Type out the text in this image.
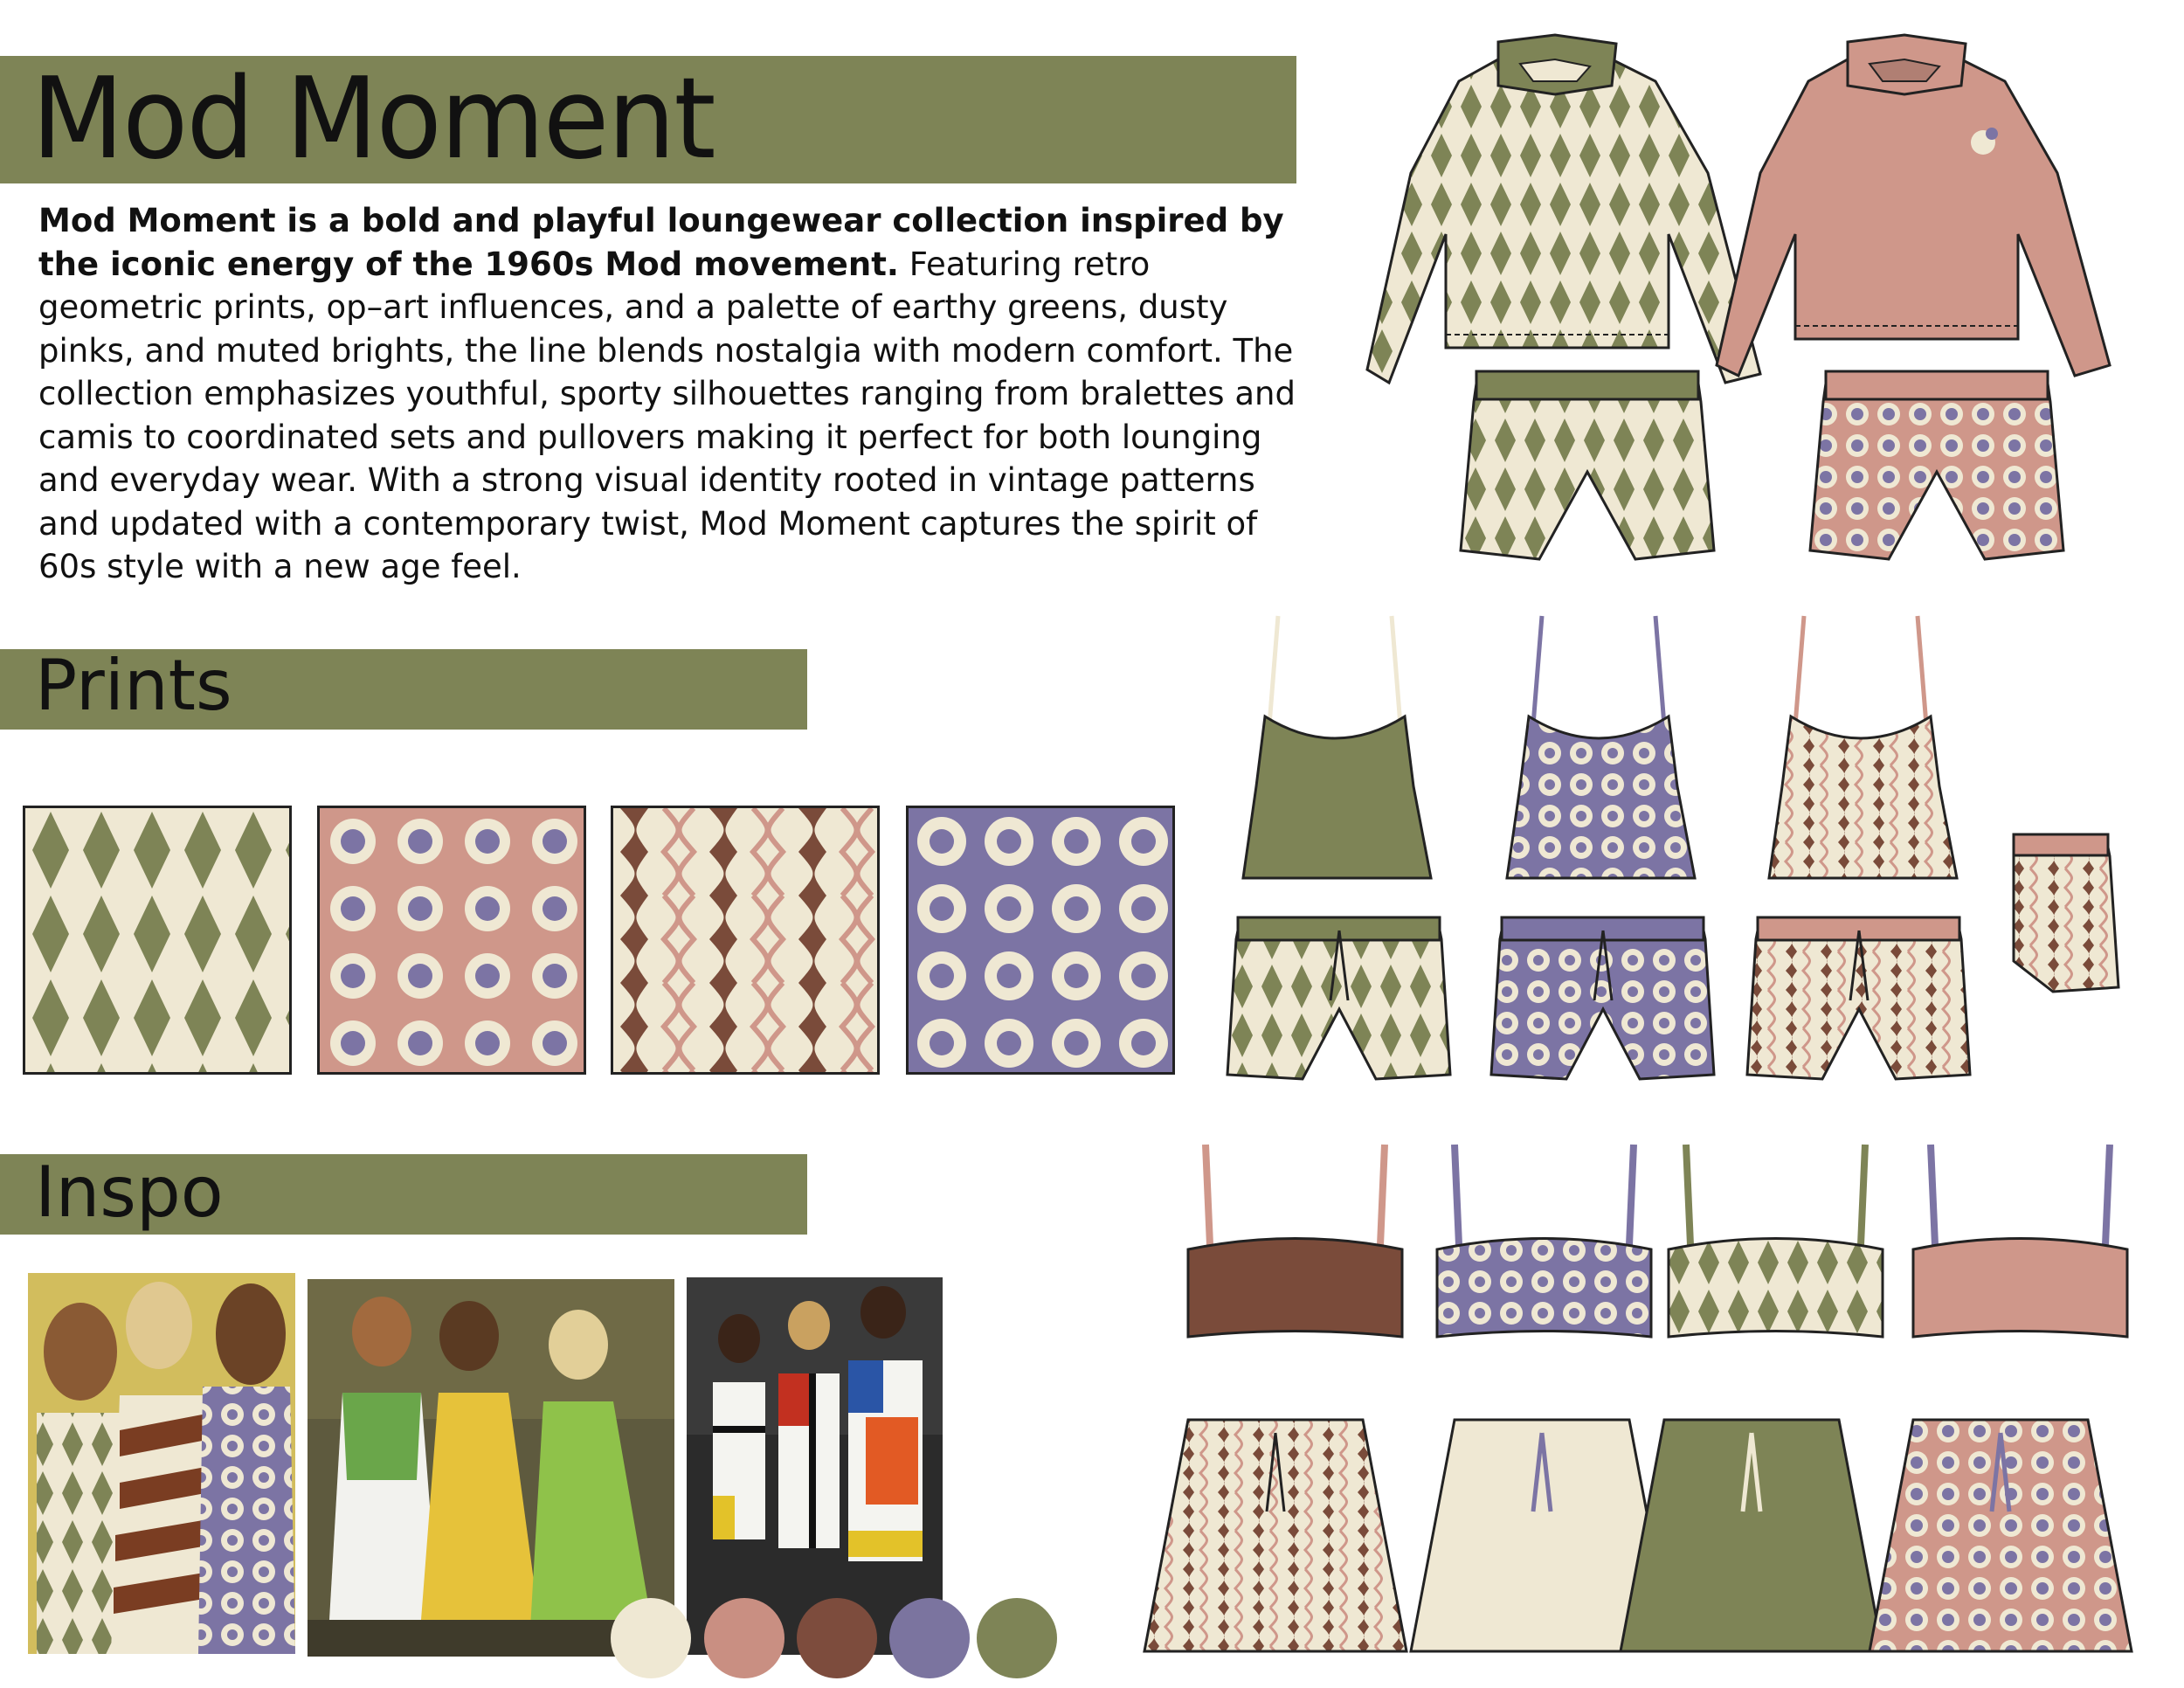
Mod Moment
Mod Moment is a bold and playful loungewear collection inspired by the iconic energy of the 1960s Mod movement. Featuring retro geometric prints, op–art influences, and a palette of earthy greens, dusty pinks, and muted brights, the line blends nostalgia with modern comfort. The collection emphasizes youthful, sporty silhouettes ranging from bralettes and camis to coordinated sets and pullovers making it perfect for both lounging and everyday wear. With a strong visual identity rooted in vintage patterns and updated with a contemporary twist, Mod Moment captures the spirit of 60s style with a new age feel.
Prints
Inspo
